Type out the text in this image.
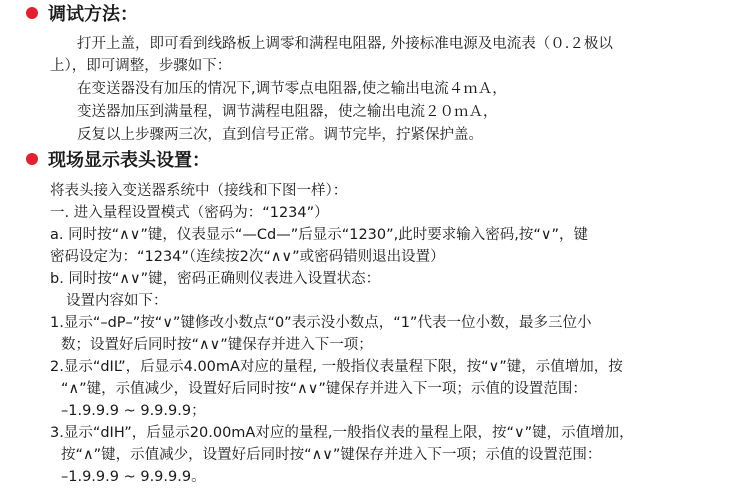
调试方法：
打开上盖，即可看到线路板上调零和满程电阻器, 外接标准电源及电流表（０.２极以
上），即可调整，步骤如下：
在变送器没有加压的情况下,调节零点电阻器,使之输出电流４ｍＡ，
变送器加压到满量程，调节满程电阻器，使之输出电流２０ｍＡ，
反复以上步骤两三次，直到信号正常。调节完毕，拧紧保护盖。
现场显示表头设置：
将表头接入变送器系统中（接线和下图一样）：
一. 进入量程设置模式（密码为：“1234”）
a. 同时按“∧∨”键，仪表显示“—Cd—”后显示“1230”,此时要求输入密码,按“∨”，键
密码设定为：“1234”（连续按2次“∧∨”或密码错则退出设置）
b. 同时按“∧∨”键，密码正确则仪表进入设置状态：
设置内容如下：
1.显示“–dP–”按“∨”键修改小数点“0”表示没小数点，“1”代表一位小数，最多三位小
数；设置好后同时按“∧∨”键保存并进入下一项；
2.显示“dIL”，后显示4.00mA对应的量程, 一般指仪表量程下限，按“∨”键，示值增加，按
“∧”键，示值减少，设置好后同时按“∧∨”键保存并进入下一项；示值的设置范围：
–1.9.9.9 ~ 9.9.9.9；
3.显示“dIH”，后显示20.00mA对应的量程,一般指仪表的量程上限，按“∨”键，示值增加，
按“∧”键，示值减少，设置好后同时按“∧∨”键保存并进入下一项；示值的设置范围：
–1.9.9.9 ~ 9.9.9.9。
